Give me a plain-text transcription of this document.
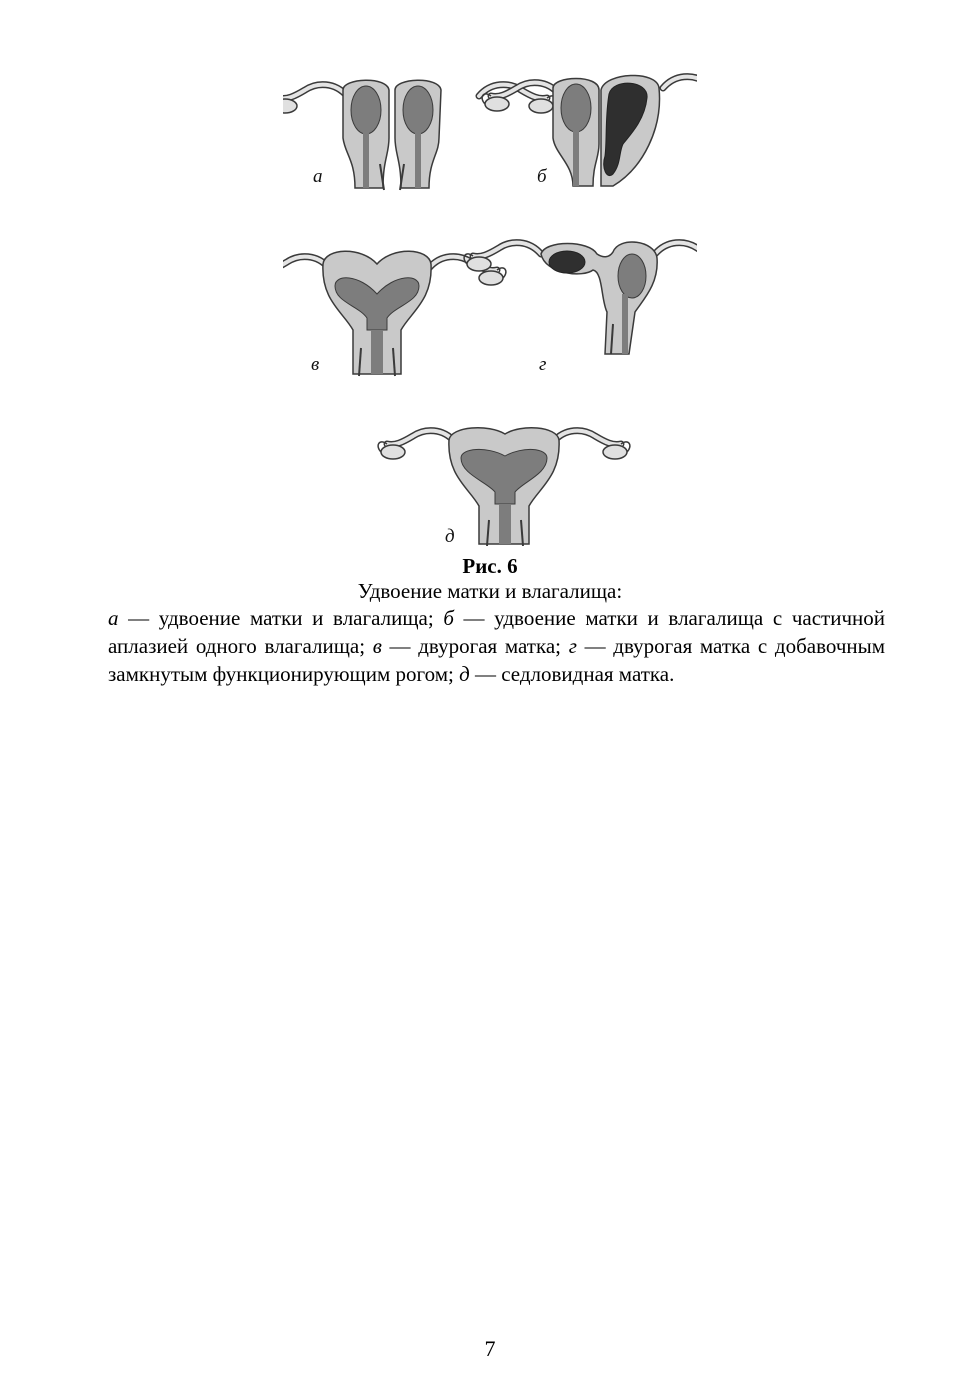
а	б
в	г
д
Рис. 6
Удвоение матки и влагалища:

а — удвоение матки и влагалища; б — удвоение матки и влагалища с частичной аплазией одного влагалища; в — двурогая матка; г — двурогая матка с добавочным замкнутым функционирующим рогом; д — седловидная матка.

7
